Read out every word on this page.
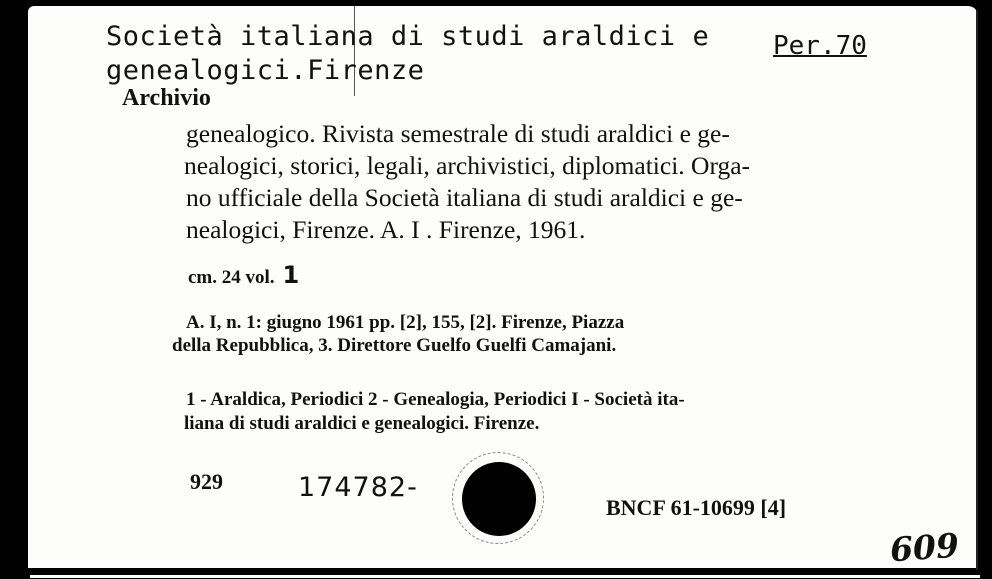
Società italiana di studi araldici e
genealogici.Firenze
Per.70
Archivio
genealogico. Rivista semestrale di studi araldici e ge-
nealogici, storici, legali, archivistici, diplomatici. Orga-
no ufficiale della Società italiana di studi araldici e ge-
nealogici, Firenze. A. I . Firenze, 1961.
cm. 24 vol. 1
A. I, n. 1: giugno 1961 pp. [2], 155, [2]. Firenze, Piazza
della Repubblica, 3. Direttore Guelfo Guelfi Camajani.
1 - Araldica, Periodici 2 - Genealogia, Periodici I - Società ita-
liana di studi araldici e genealogici. Firenze.
929	174782-
BNCF 61-10699 [4]
609
